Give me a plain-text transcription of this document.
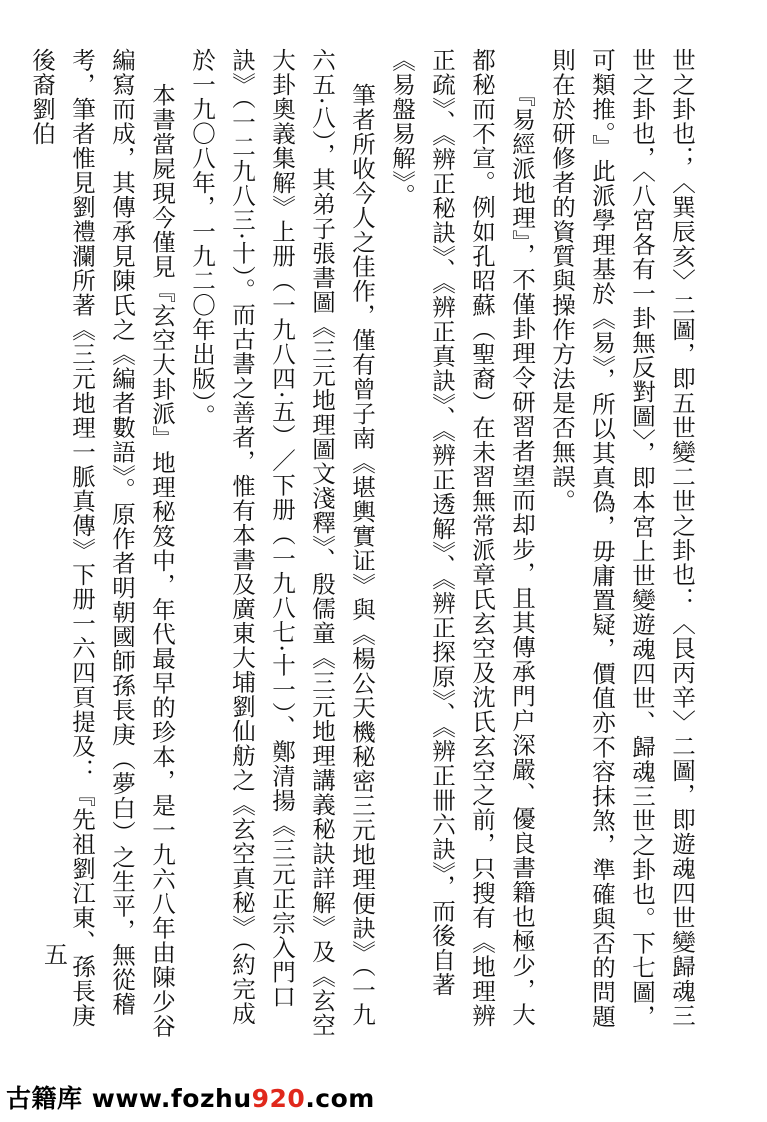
世之卦也；〈巽辰亥〉二圖，即五世變二世之卦也：〈艮丙辛〉二圖，即遊魂四世變歸魂三世之卦也，〈八宮各有一卦無反對圖〉，即本宮上世變遊魂四世、歸魂三世之卦也。下七圖，可類推。』此派學理基於《易》，所以其真偽，毋庸置疑，價值亦不容抹煞，準確與否的問題則在於研修者的資質與操作方法是否無誤。

『易經派地理』，不僅卦理令研習者望而却步，且其傳承門户深嚴、優良書籍也極少，大都秘而不宣。例如孔昭蘇（聖裔）在未習無常派章氏玄空及沈氏玄空之前，只搜有《地理辨正疏》、《辨正秘訣》、《辨正真訣》、《辨正透解》、《辨正探原》、《辨正卌六訣》，而後自著《易盤易解》。

筆者所收今人之佳作，僅有曾子南《堪輿實证》與《楊公天機秘密三元地理便訣》（一九六五·八），其弟子張書圖《三元地理圖文淺釋》、殷儒童《三元地理講義秘訣詳解》及《玄空大卦奧義集解》上册（一九八四·五）／下册（一九八七·十一）、鄭清揚《三元正宗入門口訣》（一二九八三·十）。而古書之善者，惟有本書及廣東大埔劉仙舫之《玄空真秘》（約完成於一九〇八年，一九二〇年出版）。

本書當屍現今僅見『玄空大卦派』地理秘笈中，年代最早的珍本，是一九六八年由陳少谷編寫而成，其傳承見陳氏之《編者數語》。原作者明朝國師孫長庚（夢白）之生平，無從稽考，筆者惟見劉禮瀾所著《三元地理一脈真傳》下册一六四頁提及：『先祖劉江東、孫長庚後裔劉伯

五
古籍库 www.fozhu920.com
